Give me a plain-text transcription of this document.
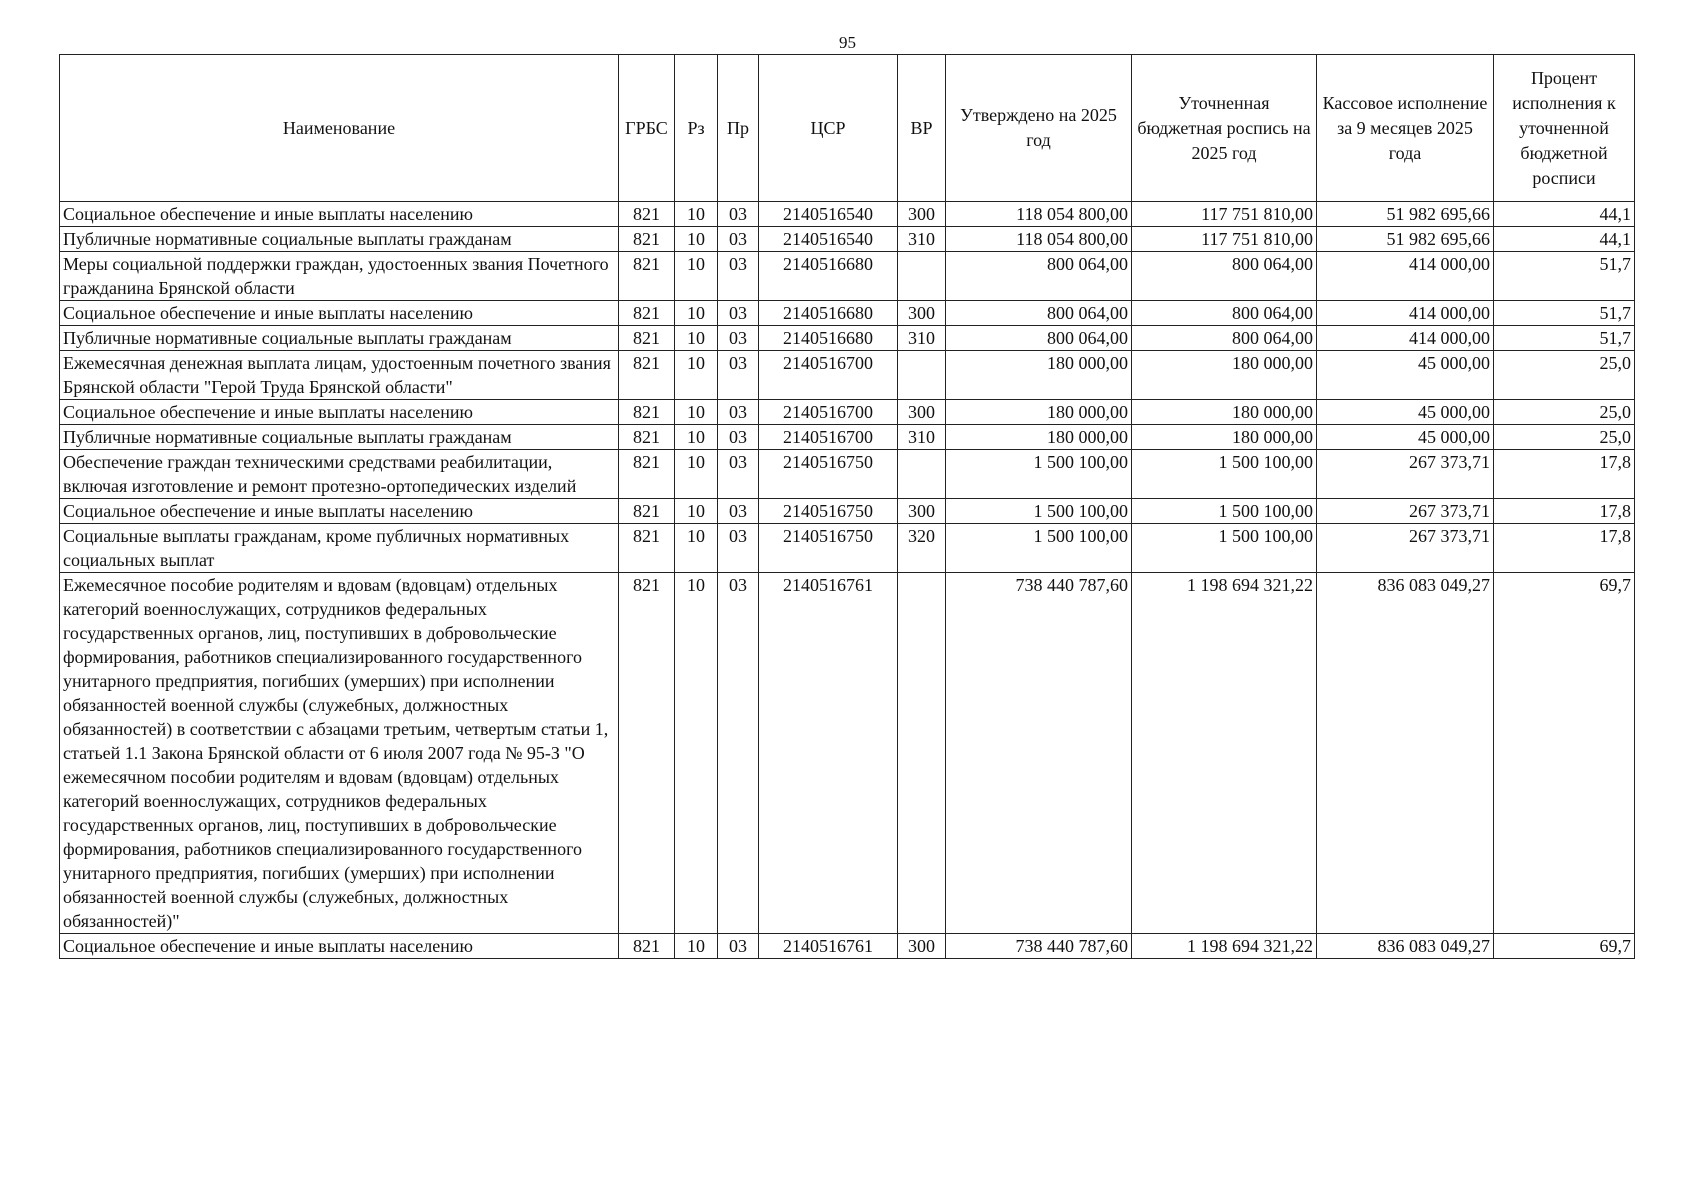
95
Наименование	ГРБС	Рз	Пр	ЦСР	ВР	Утверждено на 2025 год	Уточненная бюджетная роспись на 2025 год	Кассовое исполнение за 9 месяцев 2025 года	Процент исполнения к уточненной бюджетной росписи
Социальное обеспечение и иные выплаты населению	821	10	03	2140516540	300	118 054 800,00	117 751 810,00	51 982 695,66	44,1
Публичные нормативные социальные выплаты гражданам	821	10	03	2140516540	310	118 054 800,00	117 751 810,00	51 982 695,66	44,1
Меры социальной поддержки граждан, удостоенных звания Почетного гражданина Брянской области	821	10	03	2140516680		800 064,00	800 064,00	414 000,00	51,7
Социальное обеспечение и иные выплаты населению	821	10	03	2140516680	300	800 064,00	800 064,00	414 000,00	51,7
Публичные нормативные социальные выплаты гражданам	821	10	03	2140516680	310	800 064,00	800 064,00	414 000,00	51,7
Ежемесячная денежная выплата лицам, удостоенным почетного звания Брянской области "Герой Труда Брянской области"	821	10	03	2140516700		180 000,00	180 000,00	45 000,00	25,0
Социальное обеспечение и иные выплаты населению	821	10	03	2140516700	300	180 000,00	180 000,00	45 000,00	25,0
Публичные нормативные социальные выплаты гражданам	821	10	03	2140516700	310	180 000,00	180 000,00	45 000,00	25,0
Обеспечение граждан техническими средствами реабилитации, включая изготовление и ремонт протезно-ортопедических изделий	821	10	03	2140516750		1 500 100,00	1 500 100,00	267 373,71	17,8
Социальное обеспечение и иные выплаты населению	821	10	03	2140516750	300	1 500 100,00	1 500 100,00	267 373,71	17,8
Социальные выплаты гражданам, кроме публичных нормативных социальных выплат	821	10	03	2140516750	320	1 500 100,00	1 500 100,00	267 373,71	17,8
Ежемесячное пособие родителям и вдовам (вдовцам) отдельных категорий военнослужащих, сотрудников федеральных государственных органов, лиц, поступивших в добровольческие формирования, работников специализированного государственного унитарного предприятия, погибших (умерших) при исполнении обязанностей военной службы (служебных, должностных обязанностей) в соответствии с абзацами третьим, четвертым статьи 1, статьей 1.1 Закона Брянской области от 6 июля 2007 года № 95-З "О ежемесячном пособии родителям и вдовам (вдовцам) отдельных категорий военнослужащих, сотрудников федеральных государственных органов, лиц, поступивших в добровольческие формирования, работников специализированного государственного унитарного предприятия, погибших (умерших) при исполнении обязанностей военной службы (служебных, должностных обязанностей)"	821	10	03	2140516761		738 440 787,60	1 198 694 321,22	836 083 049,27	69,7
Социальное обеспечение и иные выплаты населению	821	10	03	2140516761	300	738 440 787,60	1 198 694 321,22	836 083 049,27	69,7
